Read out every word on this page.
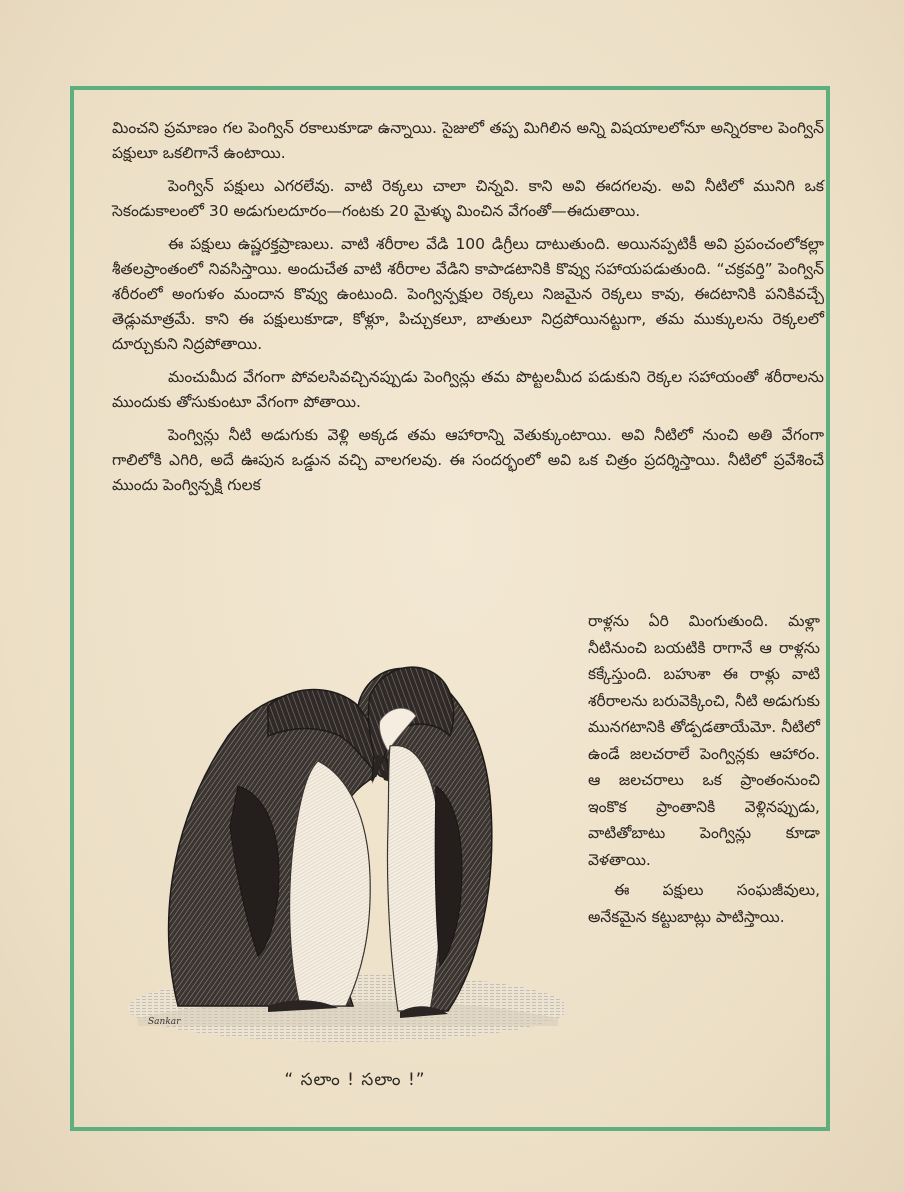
మించని ప్రమాణం గల పెంగ్విన్ రకాలుకూడా ఉన్నాయి. సైజులో తప్ప మిగిలిన అన్ని విషయాలలోనూ అన్నిరకాల పెంగ్విన్ పక్షులూ ఒకలిగానే ఉంటాయి.

పెంగ్విన్ పక్షులు ఎగరలేవు. వాటి రెక్కలు చాలా చిన్నవి. కాని అవి ఈదగలవు. అవి నీటిలో మునిగి ఒక సెకండుకాలంలో 30 అడుగులదూరం—గంటకు 20 మైళ్ళు మించిన వేగంతో—ఈదుతాయి.

ఈ పక్షులు ఉష్ణరక్తప్రాణులు. వాటి శరీరాల వేడి 100 డిగ్రీలు దాటుతుంది. అయినప్పటికీ అవి ప్రపంచంలోకల్లా శీతలప్రాంతంలో నివసిస్తాయి. అందుచేత వాటి శరీరాల వేడిని కాపాడటానికి కొవ్వు సహాయపడుతుంది. “చక్రవర్తి” పెంగ్విన్ శరీరంలో అంగుళం మందాన కొవ్వు ఉంటుంది. పెంగ్విన్పక్షుల రెక్కలు నిజమైన రెక్కలు కావు, ఈదటానికి పనికివచ్చే తెడ్లుమాత్రమే. కాని ఈ పక్షులుకూడా, కోళ్లూ, పిచ్చుకలూ, బాతులూ నిద్రపోయినట్టుగా, తమ ముక్కులను రెక్కలలో దూర్చుకుని నిద్రపోతాయి.

మంచుమీద వేగంగా పోవలసివచ్చినప్పుడు పెంగ్విన్లు తమ పొట్టలమీద పడుకుని రెక్కల సహాయంతో శరీరాలను ముందుకు తోసుకుంటూ వేగంగా పోతాయి.

పెంగ్విన్లు నీటి అడుగుకు వెళ్లి అక్కడ తమ ఆహారాన్ని వెతుక్కుంటాయి. అవి నీటిలో నుంచి అతి వేగంగా గాలిలోకి ఎగిరి, అదే ఊపున ఒడ్డున వచ్చి వాలగలవు. ఈ సందర్భంలో అవి ఒక చిత్రం ప్రదర్శిస్తాయి. నీటిలో ప్రవేశించే ముందు పెంగ్విన్పక్షి గులక

Sankar

రాళ్లను ఏరి మింగుతుంది. మళ్లా నీటినుంచి బయటికి రాగానే ఆ రాళ్లను కక్కేస్తుంది. బహుశా ఈ రాళ్లు వాటి శరీరాలను బరువెక్కించి, నీటి అడుగుకు మునగటానికి తోడ్పడతాయేమో. నీటిలో ఉండే జలచరాలే పెంగ్విన్లకు ఆహారం. ఆ జలచరాలు ఒక ప్రాంతంనుంచి ఇంకొక ప్రాంతానికి వెళ్లినప్పుడు, వాటితోబాటు పెంగ్విన్లు కూడా వెళతాయి.

ఈ పక్షులు సంఘజీవులు, అనేకమైన కట్టుబాట్లు పాటిస్తాయి.

“ సలాం ! సలాం !”
